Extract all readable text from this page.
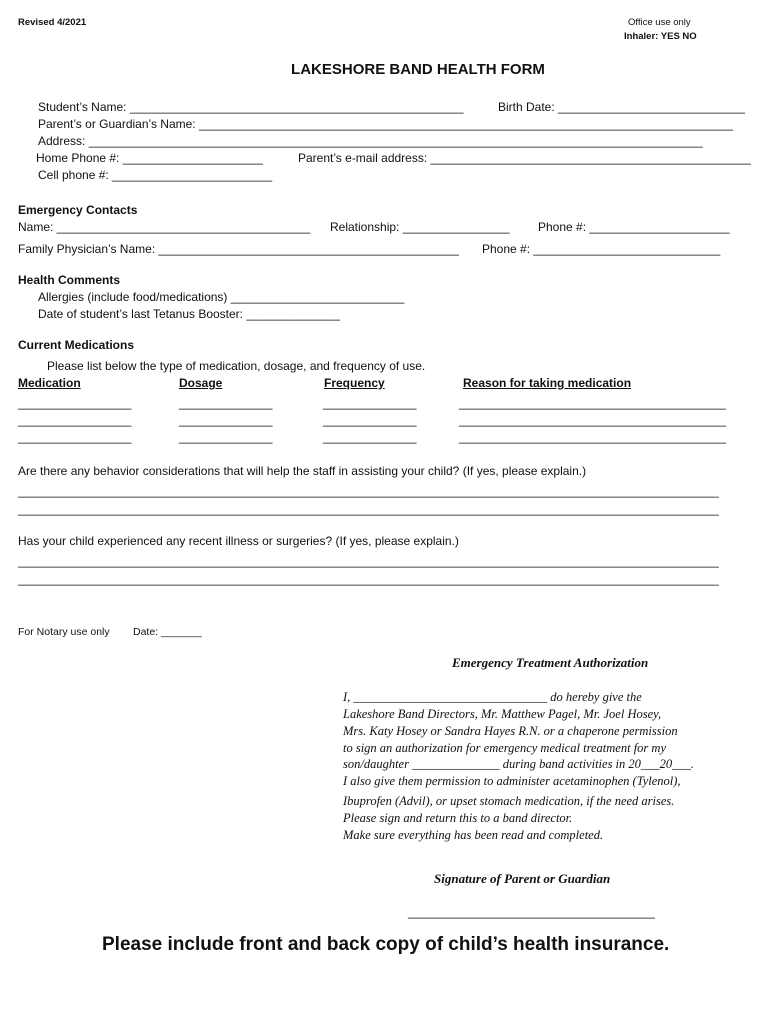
Revised 4/2021	Office use only
Inhaler: YES NO
LAKESHORE BAND HEALTH FORM
Student’s Name: __________________________________________________	Birth Date: ____________________________
Parent’s or Guardian’s Name: ________________________________________________________________________________
Address: ____________________________________________________________________________________________
Home Phone #: _____________________	Parent’s e-mail address: ________________________________________________
Cell phone #: ________________________
Emergency Contacts
Name: ______________________________________ Relationship: ________________ Phone #: _____________________
Family Physician’s Name: _____________________________________________ Phone #: ____________________________
Health Comments
Allergies (include food/medications) __________________________
Date of student’s last Tetanus Booster: ______________
Current Medications
Please list below the type of medication, dosage, and frequency of use.
Medication	Dosage	Frequency	Reason for taking medication
_________________	______________	______________	________________________________________
_________________	______________	______________	________________________________________
_________________	______________	______________	________________________________________
Are there any behavior considerations that will help the staff in assisting your child? (If yes, please explain.)
_________________________________________________________________________________________________________
_________________________________________________________________________________________________________
Has your child experienced any recent illness or surgeries? (If yes, please explain.)
_________________________________________________________________________________________________________
_________________________________________________________________________________________________________
For Notary use only Date: _______
Emergency Treatment Authorization
I, _______________________________ do hereby give the
Lakeshore Band Directors, Mr. Matthew Pagel, Mr. Joel Hosey,
Mrs. Katy Hosey or Sandra Hayes R.N. or a chaperone permission
to sign an authorization for emergency medical treatment for my
son/daughter ______________ during band activities in 20___20___.
I also give them permission to administer acetaminophen (Tylenol),
Ibuprofen (Advil), or upset stomach medication, if the need arises.
Please sign and return this to a band director.
Make sure everything has been read and completed.
Signature of Parent or Guardian
_____________________________________
Please include front and back copy of child’s health insurance.
